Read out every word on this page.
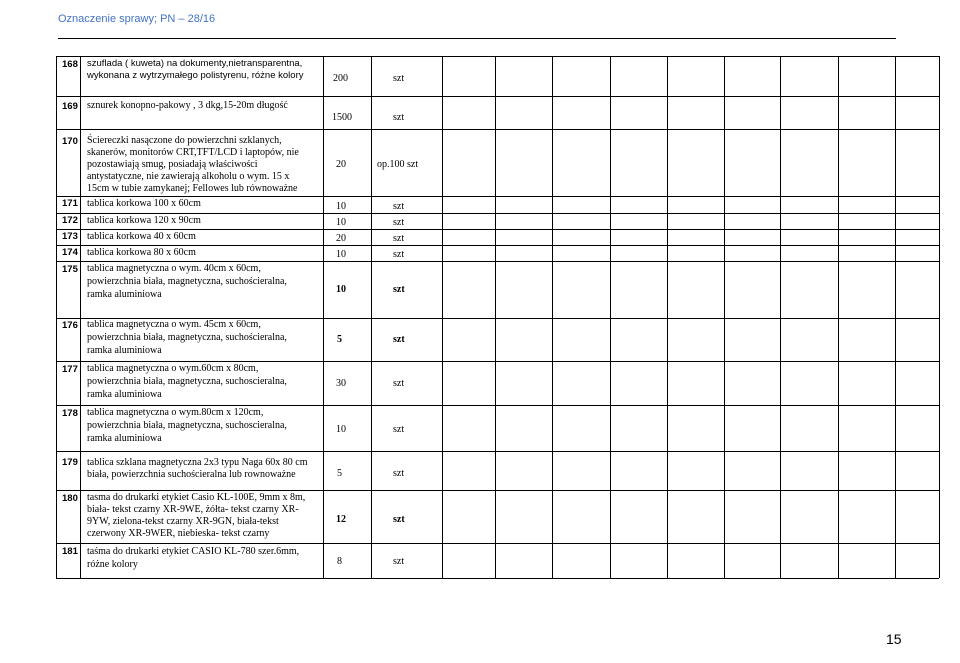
Oznaczenie sprawy; PN – 28/16
168 szuflada ( kuweta) na dokumenty,nietransparentna,
wykonana z wytrzymałego polistyrenu, różne kolory	200	szt
169 sznurek konopno-pakowy , 3 dkg,15-20m długość
1500	szt
170 Ściereczki nasączone do powierzchni szklanych,
skanerów, monitorów CRT,TFT/LCD i laptopów, nie
pozostawiają smug, posiadają właściwości
antystatyczne, nie zawierają alkoholu o wym. 15 x
15cm w tubie zamykanej; Fellowes lub równoważne
20	op.100 szt
171 tablica korkowa 100 x 60cm	10	szt
172 tablica korkowa 120 x 90cm	10	szt
173 tablica korkowa 40 x 60cm	20	szt
174 tablica korkowa 80 x 60cm	10	szt
175 tablica magnetyczna o wym. 40cm x 60cm,
powierzchnia biała, magnetyczna, suchościeralna,
ramka aluminiowa	10	szt
176 tablica magnetyczna o wym. 45cm x 60cm,
powierzchnia biała, magnetyczna, suchościeralna,
ramka aluminiowa
5	szt
177 tablica magnetyczna o wym.60cm x 80cm,
powierzchnia biała, magnetyczna, suchoscieralna,
ramka aluminiowa
30	szt
178 tablica magnetyczna o wym.80cm x 120cm,
powierzchnia biała, magnetyczna, suchoscieralna,
ramka aluminiowa
10	szt
179 tablica szklana magnetyczna 2x3 typu Naga 60x 80 cm
biała, powierzchnia suchościeralna lub rownoważne	5	szt
180 tasma do drukarki etykiet Casio KL-100E, 9mm x 8m,
biała- tekst czarny XR-9WE, żółta- tekst czarny XR-
9YW, zielona-tekst czarny XR-9GN, biała-tekst
czerwony XR-9WER, niebieska- tekst czarny
12	szt
181 taśma do drukarki etykiet CASIO KL-780 szer.6mm,
różne kolory	8	szt
15
